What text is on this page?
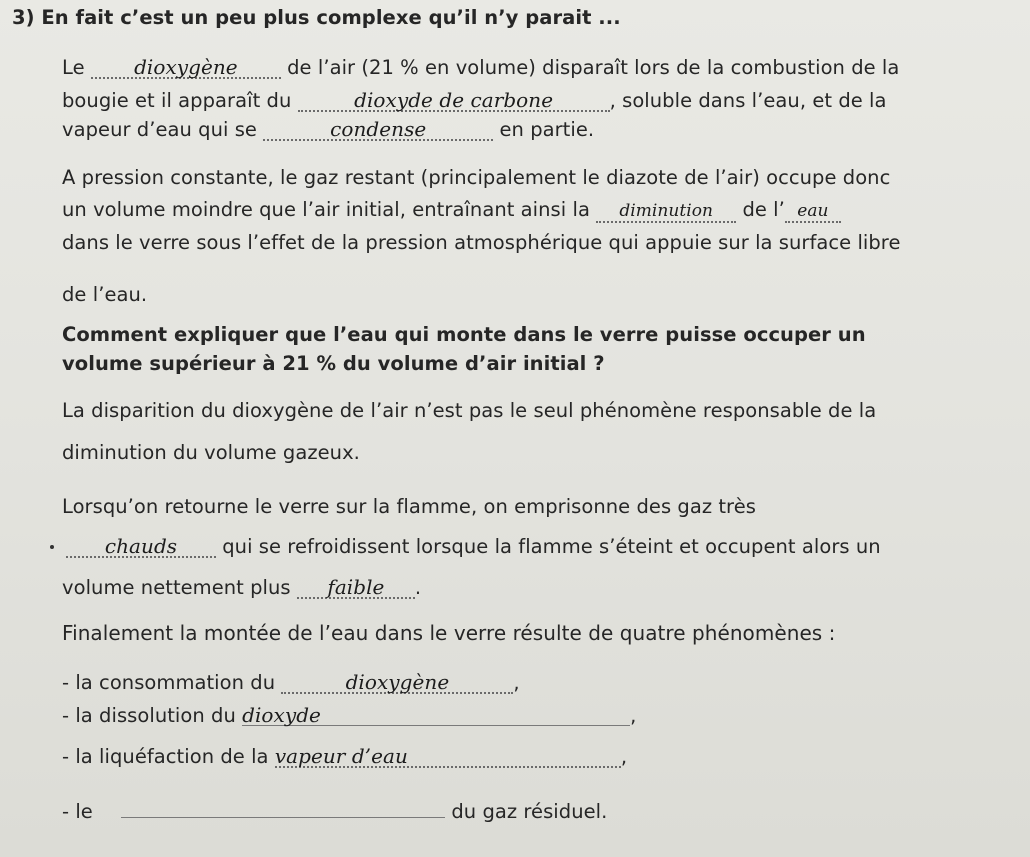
3) En fait c’est un peu plus complexe qu’il n’y parait ...
Le dioxygène	de l’air (21 % en volume) disparaît lors de la combustion de la
bougie et il apparaît du	dioxyde de carbone	, soluble dans l’eau, et de la
vapeur d’eau qui se	condense	en partie.
A pression constante, le gaz restant (principalement le diazote de l’air) occupe donc
un volume moindre que l’air initial, entraînant ainsi la diminution de l’ eau
dans le verre sous l’effet de la pression atmosphérique qui appuie sur la surface libre
de l’eau.
Comment expliquer que l’eau qui monte dans le verre puisse occuper un
volume supérieur à 21 % du volume d’air initial ?
La disparition du dioxygène de l’air n’est pas le seul phénomène responsable de la
diminution du volume gazeux.
Lorsqu’on retourne le verre sur la flamme, on emprisonne des gaz très
chauds qui se refroidissent lorsque la flamme s’éteint et occupent alors un
volume nettement plus faible .
Finalement la montée de l’eau dans le verre résulte de quatre phénomènes :
- la consommation du	dioxygène	,
- la dissolution du dioxyde	,
- la liquéfaction de la vapeur d’eau	,
- le	du gaz résiduel.
